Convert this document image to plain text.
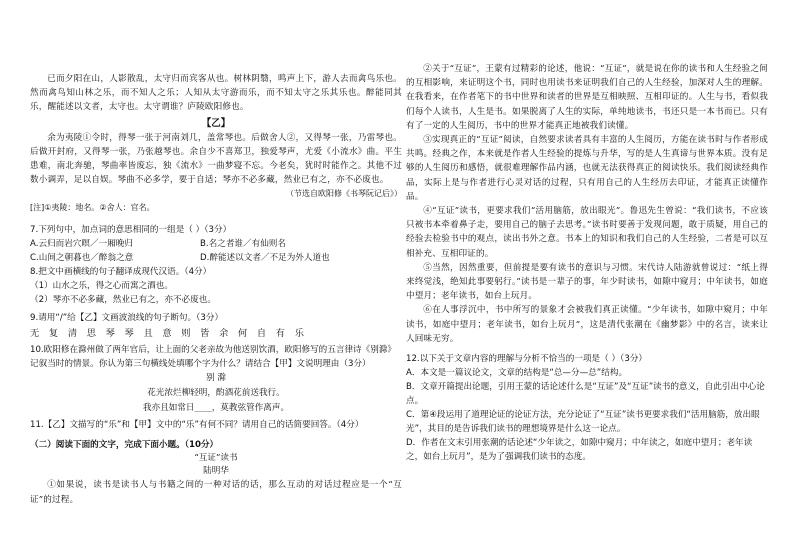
已而夕阳在山，人影散乱，太守归而宾客从也。树林阴翳，鸣声上下，游人去而禽鸟乐也。然而禽鸟知山林之乐，而不知人之乐；人知从太守游而乐，而不知太守之乐其乐也。醉能同其乐，醒能述以文者，太守也。太守谓谁？庐陵欧阳修也。

【乙】

余为夷陵①令时，得琴一张于河南刘几，盖常琴也。后做舍人②，又得琴一张，乃雷琴也。后做开封府，又得琴一张，乃张越琴也。余自少不喜郑卫，独爱琴声，尤爱《小流水》曲。平生患难，南北奔驰，琴曲率皆废忘，独《流水》一曲梦寝不忘。今老矣，犹时时能作之。其他不过数小调弄，足以自娱。琴曲不必多学，要于自适；琴亦不必多藏，然业已有之，亦不必废也。

（节选自欧阳修《书琴阮记后》）

[注]①夷陵：地名。②舍人：官名。

7.下列句中，加点词的意思相同的一组是（ ）（3分）

A.云归而岩穴暝／一厢晚归	B.名之者谁／有仙则名
C.山间之朝暮也／醉翁之意	D.醉能述以文者／不足为外人道也

8.把文中画横线的句子翻译成现代汉语。（4分）

（1）山水之乐，得之心而寓之酒也。

（2）琴亦不必多藏，然业已有之，亦不必废也。

9.请用“/”给【乙】文画波浪线的句子断句。（3分）

无 复 清 思 琴 琴 且 意 则 皆 余 何 自 有 乐

10.欧阳修在滁州做了两年官后，让上面的父老亲故为他送别饮酒，欧阳修写的五言律诗《别滁》记叙当时的情景。你认为第三句横线处填哪个字为什么？请结合【甲】文说明理由（3分）

别 滁

花光浓烂柳轻明，酌酒花前送我行。

我亦且如常日____，莫教弦管作离声。

11.【乙】文描写的“乐”和【甲】文中的“乐”有何不同？请用自己的话简要回答。（4分）

（二）阅读下面的文字，完成下面小题。（10分）

“互证”读书

陆明华

①如果说，读书是读书人与书籍之间的一种对话的话，那么互动的对话过程应是一个“互证”的过程。

②关于“互证”，王蒙有过精彩的论述，他说：“互证”，就是说在你的读书和人生经验之间的互相影响，来证明这个书，同时也用读书来证明我们自己的人生经验，加深对人生的理解。在我看来，在作者笔下的书中世界和读者的世界是互相映照、互相印证的。人生与书，看似我们每个人读书，人生是书。如果脱离了人生的实际，单纯地读书，书还只是一本书而已。只有有了一定的人生阅历，书中的世界才能真正地被我们读懂。

③实现真正的“互证”阅读，自然要求读者具有丰富的人生阅历，方能在读书时与作者形成共鸣。经典之作，本来就是作者人生经验的提炼与升华，写的是人生真谛与世界本质。没有足够的人生阅历和感悟，就很难理解作品内涵，也就无法获得真正的阅读快乐。我们阅读经典作品，实际上是与作者进行心灵对话的过程，只有用自己的人生经历去印证，才能真正读懂作品。

④“互证”读书，更要求我们“活用脑筋，放出眼光”。鲁迅先生曾说：“我们读书，不应该只被书本牵着鼻子走，要用自己的脑子去思考。”读书时要善于发现问题，敢于质疑，用自己的经验去检验书中的观点，读出书外之意。书本上的知识和我们自己的人生经验，二者是可以互相补充、互相印证的。

⑤当然，因然重要，但前提是要有读书的意识与习惯。宋代诗人陆游就曾说过：“纸上得来终觉浅，绝知此事要躬行。”读书是一辈子的事，年少时读书，如隙中窥月；中年读书，如庭中望月；老年读书，如台上玩月。

⑥在人事浮沉中，书中所写的景象才会被我们真正读懂。“少年读书，如隙中窥月；中年读书，如庭中望月；老年读书，如台上玩月”，这是清代张潮在《幽梦影》中的名言，读来让人回味无穷。

12.以下关于文章内容的理解与分析不恰当的一项是（ ）（3分）

A．本文是一篇议论文，文章的结构是“总—分—总”结构。

B．文章开篇提出论题，引用王蒙的话论述什么是“互证”及“互证”读书的意义，自此引出中心论点。

C．第④段运用了道理论证的论证方法，充分论证了“互证”读书更要求我们“活用脑筋，放出眼光”，其目的是告诉我们读书的理想境界是什么这一论点。

D．作者在文末引用张潮的话论述“少年读之，如隙中窥月；中年读之，如庭中望月；老年读之，如台上玩月”，是为了强调我们读书的态度。
